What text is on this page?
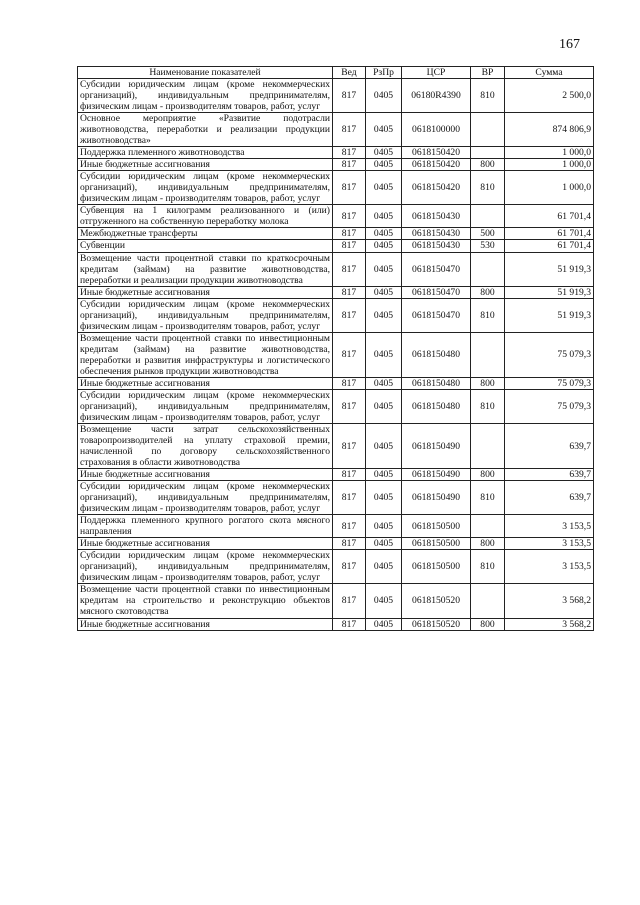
167
Наименование показателей	Вед	РзПр	ЦСР	ВР	Сумма
Субсидии юридическим лицам (кроме некоммерческих организаций), индивидуальным предпринимателям, физическим лицам - производителям товаров, работ, услуг	817	0405	06180R4390	810	2 500,0
Основное мероприятие «Развитие подотрасли животноводства, переработки и реализации продукции животноводства»	817	0405	0618100000		874 806,9
Поддержка племенного животноводства	817	0405	0618150420		1 000,0
Иные бюджетные ассигнования	817	0405	0618150420	800	1 000,0
Субсидии юридическим лицам (кроме некоммерческих организаций), индивидуальным предпринимателям, физическим лицам - производителям товаров, работ, услуг	817	0405	0618150420	810	1 000,0
Субвенция на 1 килограмм реализованного и (или) отгруженного на собственную переработку молока	817	0405	0618150430		61 701,4
Межбюджетные трансферты	817	0405	0618150430	500	61 701,4
Субвенции	817	0405	0618150430	530	61 701,4
Возмещение части процентной ставки по краткосрочным кредитам (займам) на развитие животноводства, переработки и реализации продукции животноводства	817	0405	0618150470		51 919,3
Иные бюджетные ассигнования	817	0405	0618150470	800	51 919,3
Субсидии юридическим лицам (кроме некоммерческих организаций), индивидуальным предпринимателям, физическим лицам - производителям товаров, работ, услуг	817	0405	0618150470	810	51 919,3
Возмещение части процентной ставки по инвестиционным кредитам (займам) на развитие животноводства, переработки и развития инфраструктуры и логистического обеспечения рынков продукции животноводства	817	0405	0618150480		75 079,3
Иные бюджетные ассигнования	817	0405	0618150480	800	75 079,3
Субсидии юридическим лицам (кроме некоммерческих организаций), индивидуальным предпринимателям, физическим лицам - производителям товаров, работ, услуг	817	0405	0618150480	810	75 079,3
Возмещение части затрат сельскохозяйственных товаропроизводителей на уплату страховой премии, начисленной по договору сельскохозяйственного страхования в области животноводства	817	0405	0618150490		639,7
Иные бюджетные ассигнования	817	0405	0618150490	800	639,7
Субсидии юридическим лицам (кроме некоммерческих организаций), индивидуальным предпринимателям, физическим лицам - производителям товаров, работ, услуг	817	0405	0618150490	810	639,7
Поддержка племенного крупного рогатого скота мясного направления	817	0405	0618150500		3 153,5
Иные бюджетные ассигнования	817	0405	0618150500	800	3 153,5
Субсидии юридическим лицам (кроме некоммерческих организаций), индивидуальным предпринимателям, физическим лицам - производителям товаров, работ, услуг	817	0405	0618150500	810	3 153,5
Возмещение части процентной ставки по инвестиционным кредитам на строительство и реконструкцию объектов мясного скотоводства	817	0405	0618150520		3 568,2
Иные бюджетные ассигнования	817	0405	0618150520	800	3 568,2
